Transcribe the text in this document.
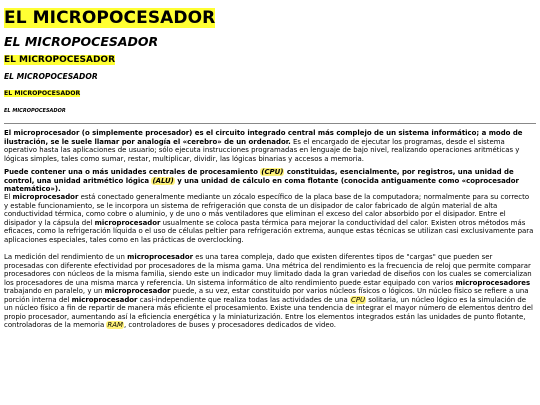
EL MICROPOCESADOR
EL MICROPOCESADOR
EL MICROPOCESADOR
EL MICROPOCESADOR
EL MICROPOCESADOR
EL MICROPOCESADOR

El microprocesador (o simplemente procesador) es el circuito integrado central más complejo de un sistema informático; a modo de ilustración, se le suele llamar por analogía el «cerebro» de un ordenador. Es el encargado de ejecutar los programas, desde el sistema operativo hasta las aplicaciones de usuario; sólo ejecuta instrucciones programadas en lenguaje de bajo nivel, realizando operaciones aritméticas y lógicas simples, tales como sumar, restar, multiplicar, dividir, las lógicas binarias y accesos a memoria.

Puede contener una o más unidades centrales de procesamiento (CPU) constituidas, esencialmente, por registros, una unidad de control, una unidad aritmético lógica (ALU) y una unidad de cálculo en coma flotante (conocida antiguamente como «coprocesador matemático»).

El microprocesador está conectado generalmente mediante un zócalo específico de la placa base de la computadora; normalmente para su correcto y estable funcionamiento, se le incorpora un sistema de refrigeración que consta de un disipador de calor fabricado de algún material de alta conductividad térmica, como cobre o aluminio, y de uno o más ventiladores que eliminan el exceso del calor absorbido por el disipador. Entre el disipador y la cápsula del microprocesador usualmente se coloca pasta térmica para mejorar la conductividad del calor. Existen otros métodos más eficaces, como la refrigeración líquida o el uso de células peltier para refrigeración extrema, aunque estas técnicas se utilizan casi exclusivamente para aplicaciones especiales, tales como en las prácticas de overclocking.

La medición del rendimiento de un microprocesador es una tarea compleja, dado que existen diferentes tipos de "cargas" que pueden ser procesadas con diferente efectividad por procesadores de la misma gama. Una métrica del rendimiento es la frecuencia de reloj que permite comparar procesadores con núcleos de la misma familia, siendo este un indicador muy limitado dada la gran variedad de diseños con los cuales se comercializan los procesadores de una misma marca y referencia. Un sistema informático de alto rendimiento puede estar equipado con varios microprocesadores trabajando en paralelo, y un microprocesador puede, a su vez, estar constituido por varios núcleos físicos o lógicos. Un núcleo físico se refiere a una porción interna del microprocesador casi-independiente que realiza todas las actividades de una CPU solitaria, un núcleo lógico es la simulación de un núcleo físico a fin de repartir de manera más eficiente el procesamiento. Existe una tendencia de integrar el mayor número de elementos dentro del propio procesador, aumentando así la eficiencia energética y la miniaturización. Entre los elementos integrados están las unidades de punto flotante, controladoras de la memoria RAM, controladores de buses y procesadores dedicados de video.
